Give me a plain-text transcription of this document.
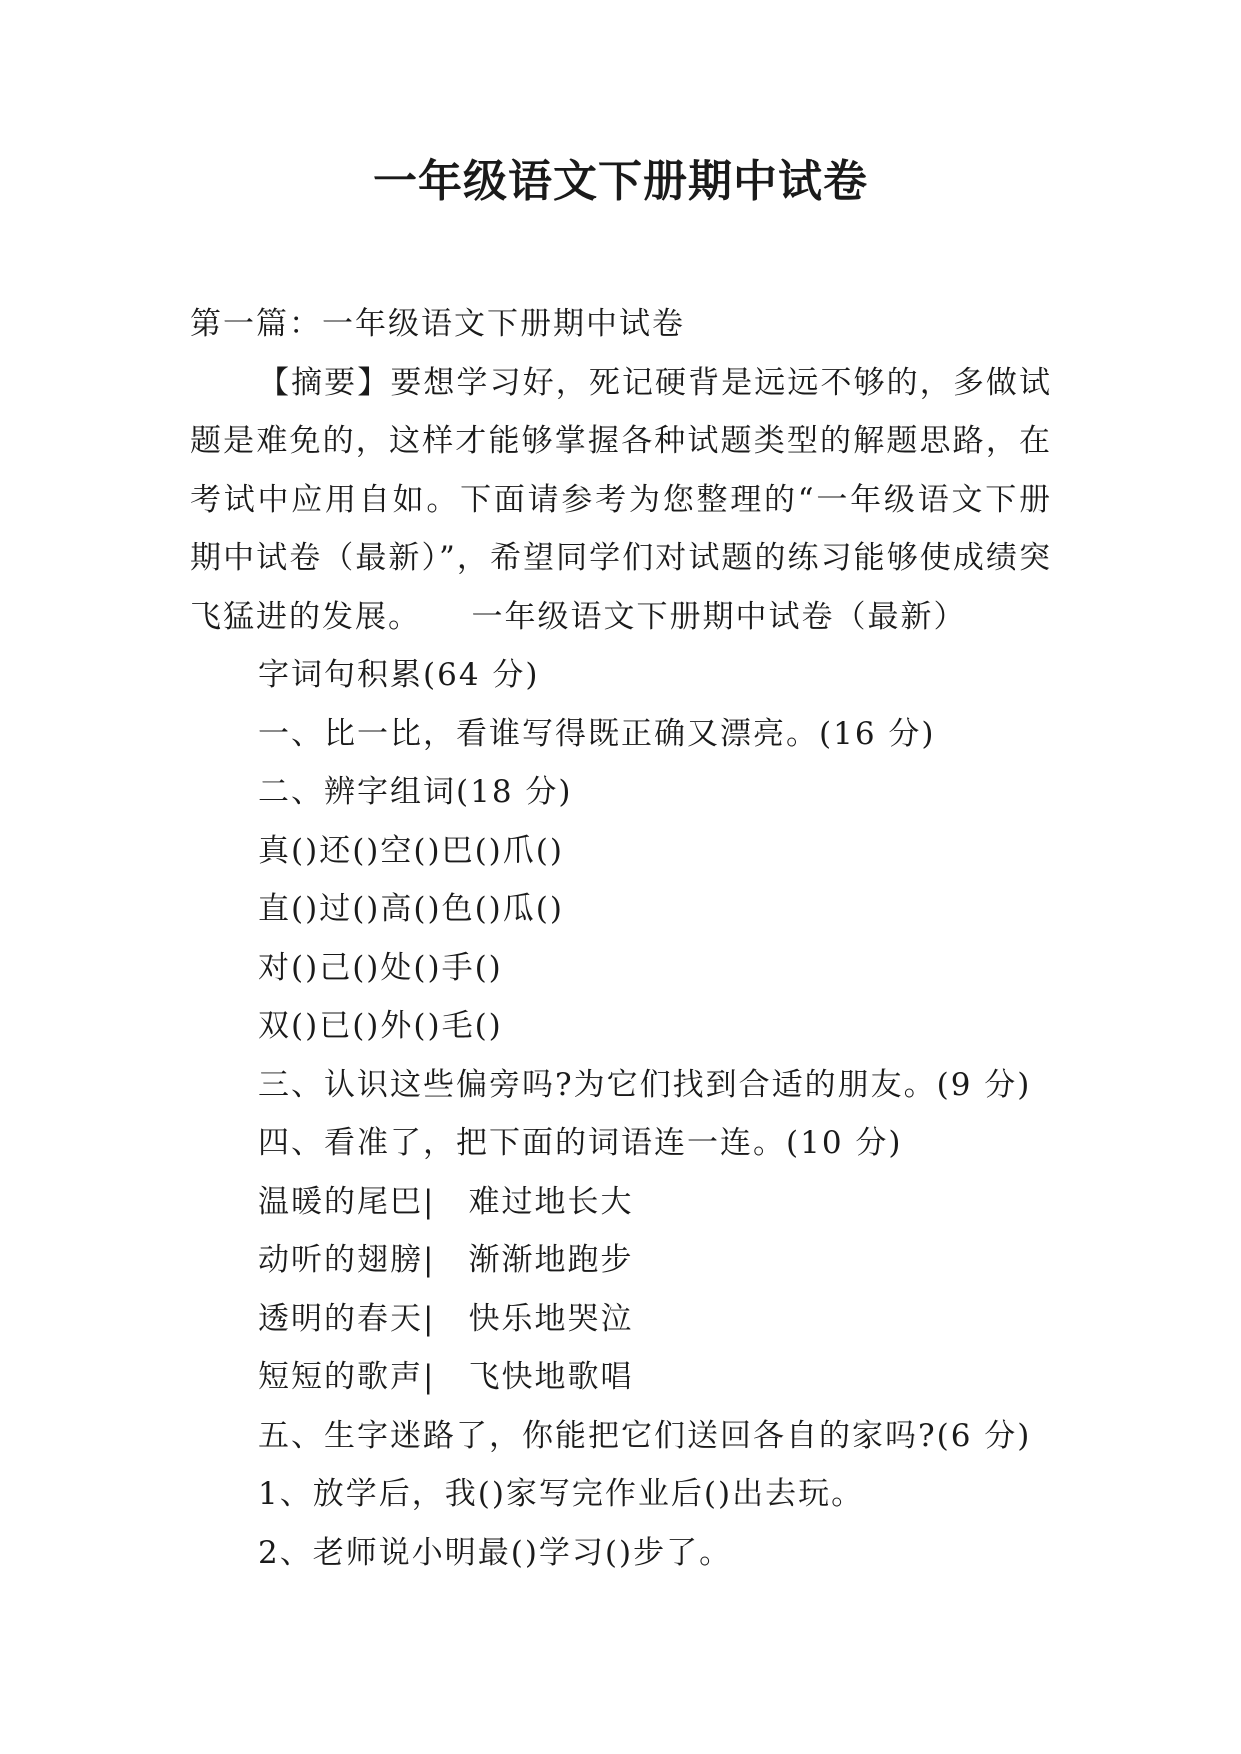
一年级语文下册期中试卷

第一篇：一年级语文下册期中试卷

【摘要】要想学习好，死记硬背是远远不够的，多做试题是难免的，这样才能够掌握各种试题类型的解题思路，在考试中应用自如。下面请参考为您整理的“一年级语文下册期中试卷（最新）”，希望同学们对试题的练习能够使成绩突飞猛进的发展。　　一年级语文下册期中试卷（最新）

字词句积累(64 分)

一、比一比，看谁写得既正确又漂亮。(16 分)

二、辨字组词(18 分)

真()还()空()巴()爪()

直()过()高()色()瓜()

对()己()处()手()

双()已()外()毛()

三、认识这些偏旁吗?为它们找到合适的朋友。(9 分)

四、看准了，把下面的词语连一连。(10 分)

温暖的尾巴|　难过地长大

动听的翅膀|　渐渐地跑步

透明的春天|　快乐地哭泣

短短的歌声|　飞快地歌唱

五、生字迷路了，你能把它们送回各自的家吗?(6 分)

1、放学后，我()家写完作业后()出去玩。

2、老师说小明最()学习()步了。
